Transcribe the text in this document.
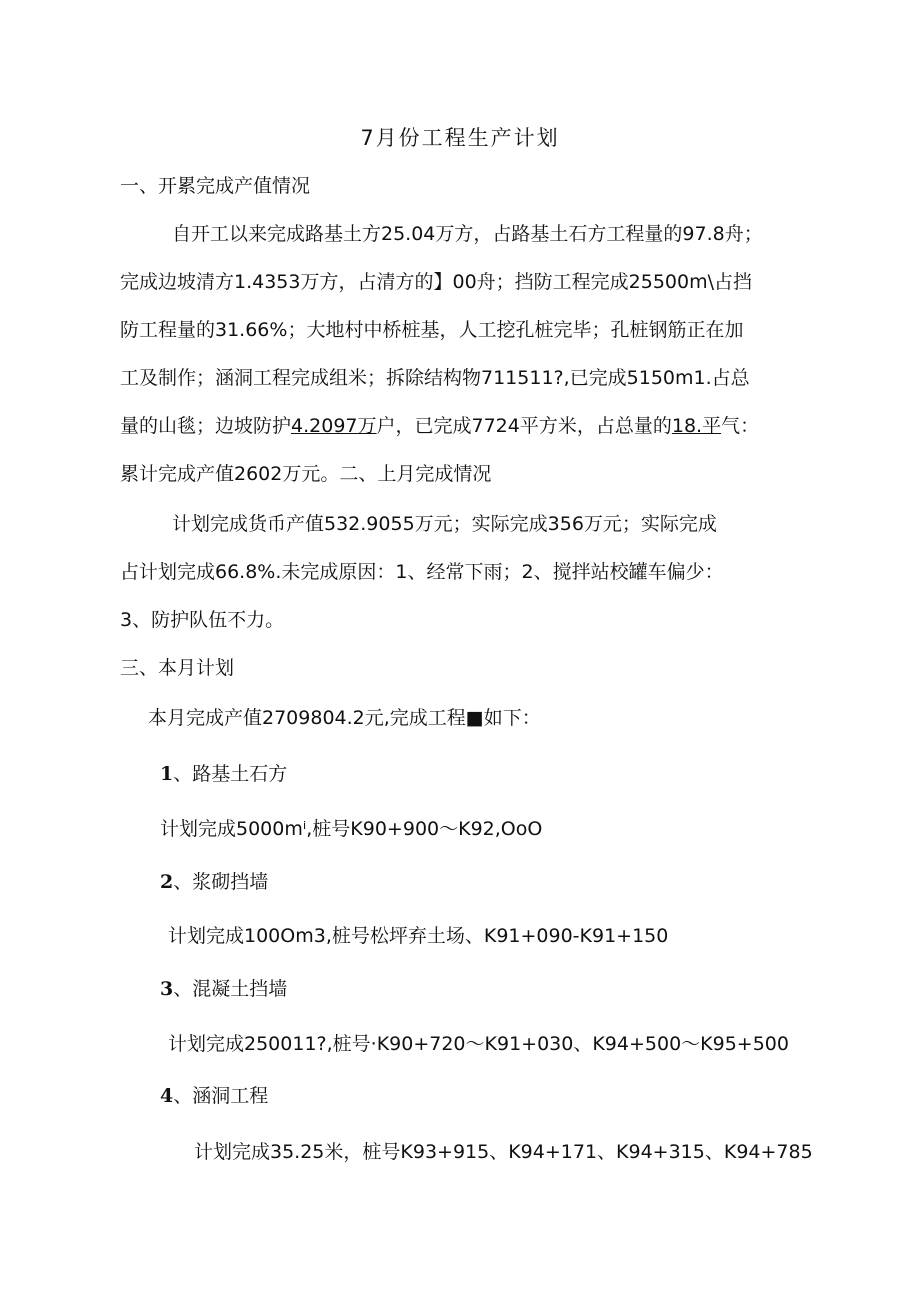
7月份工程生产计划
一、开累完成产值情况
自开工以来完成路基土方25.04万方，占路基土石方工程量的97.8舟；
完成边坡清方1.4353万方，占清方的】00舟；挡防工程完成25500m\占挡
防工程量的31.66%；大地村中桥桩基，人工挖孔桩完毕；孔桩钢筋正在加
工及制作；涵洞工程完成组米；拆除结构物711511?,已完成5150m1.占总
量的山毯；边坡防护4.2097万户，已完成7724平方米，占总量的18.平气：
累计完成产值2602万元。二、上月完成情况
计划完成货币产值532.9055万元；实际完成356万元；实际完成
占计划完成66.8%.未完成原因：1、经常下雨；2、搅拌站校罐车偏少：
3、防护队伍不力。
三、本月计划
本月完成产值2709804.2元,完成工程■如下：
1、路基土石方
计划完成5000mⁱ,桩号K90+900～K92,OoO
2、浆砌挡墙
计划完成100Om3,桩号松坪弃土场、K91+090-K91+150
3、混凝土挡墙
计划完成250011?,桩号·K90+720～K91+030、K94+500～K95+500
4、涵洞工程
计划完成35.25米，桩号K93+915、K94+171、K94+315、K94+785
